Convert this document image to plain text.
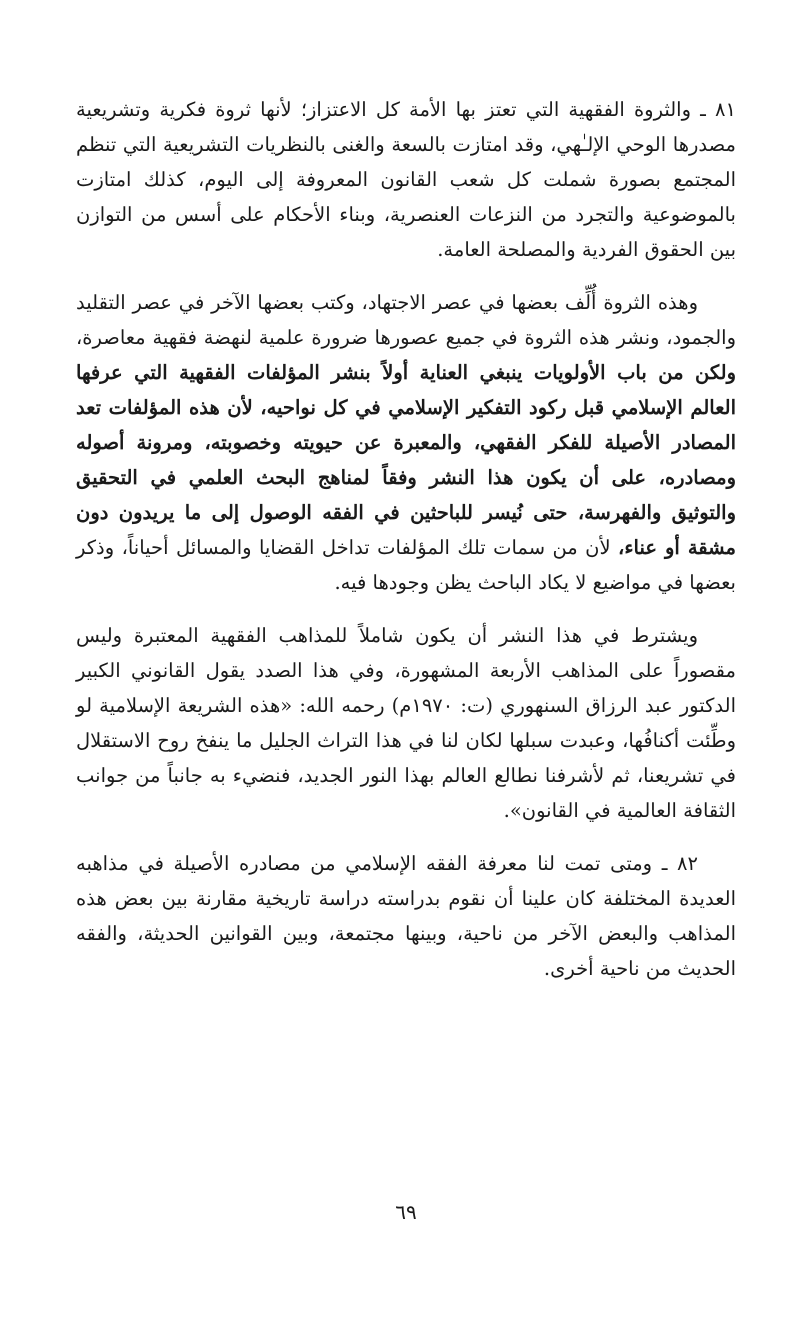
٨١ ـ والثروة الفقهية التي تعتز بها الأمة كل الاعتزاز؛ لأنها ثروة فكرية وتشريعية مصدرها الوحي الإلـٰهي، وقد امتازت بالسعة والغنى بالنظريات التشريعية التي تنظم المجتمع بصورة شملت كل شعب القانون المعروفة إلى اليوم، كذلك امتازت بالموضوعية والتجرد من النزعات العنصرية، وبناء الأحكام على أسس من التوازن بين الحقوق الفردية والمصلحة العامة.

وهذه الثروة أُلِّف بعضها في عصر الاجتهاد، وكتب بعضها الآخر في عصر التقليد والجمود، ونشر هذه الثروة في جميع عصورها ضرورة علمية لنهضة فقهية معاصرة، ولكن من باب الأولويات ينبغي العناية أولاً بنشر المؤلفات الفقهية التي عرفها العالم الإسلامي قبل ركود التفكير الإسلامي في كل نواحيه، لأن هذه المؤلفات تعد المصادر الأصيلة للفكر الفقهي، والمعبرة عن حيويته وخصوبته، ومرونة أصوله ومصادره، على أن يكون هذا النشر وفقاً لمناهج البحث العلمي في التحقيق والتوثيق والفهرسة، حتى نُيسر للباحثين في الفقه الوصول إلى ما يريدون دون مشقة أو عناء، لأن من سمات تلك المؤلفات تداخل القضايا والمسائل أحياناً، وذكر بعضها في مواضيع لا يكاد الباحث يظن وجودها فيه.

ويشترط في هذا النشر أن يكون شاملاً للمذاهب الفقهية المعتبرة وليس مقصوراً على المذاهب الأربعة المشهورة، وفي هذا الصدد يقول القانوني الكبير الدكتور عبد الرزاق السنهوري (ت: ١٩٧٠م) رحمه الله: «هذه الشريعة الإسلامية لو وطِّئت أكنافُها، وعبدت سبلها لكان لنا في هذا التراث الجليل ما ينفخ روح الاستقلال في تشريعنا، ثم لأشرفنا نطالع العالم بهذا النور الجديد، فنضيء به جانباً من جوانب الثقافة العالمية في القانون».

٨٢ ـ ومتى تمت لنا معرفة الفقه الإسلامي من مصادره الأصيلة في مذاهبه العديدة المختلفة كان علينا أن نقوم بدراسته دراسة تاريخية مقارنة بين بعض هذه المذاهب والبعض الآخر من ناحية، وبينها مجتمعة، وبين القوانين الحديثة، والفقه الحديث من ناحية أخرى.

٦٩
